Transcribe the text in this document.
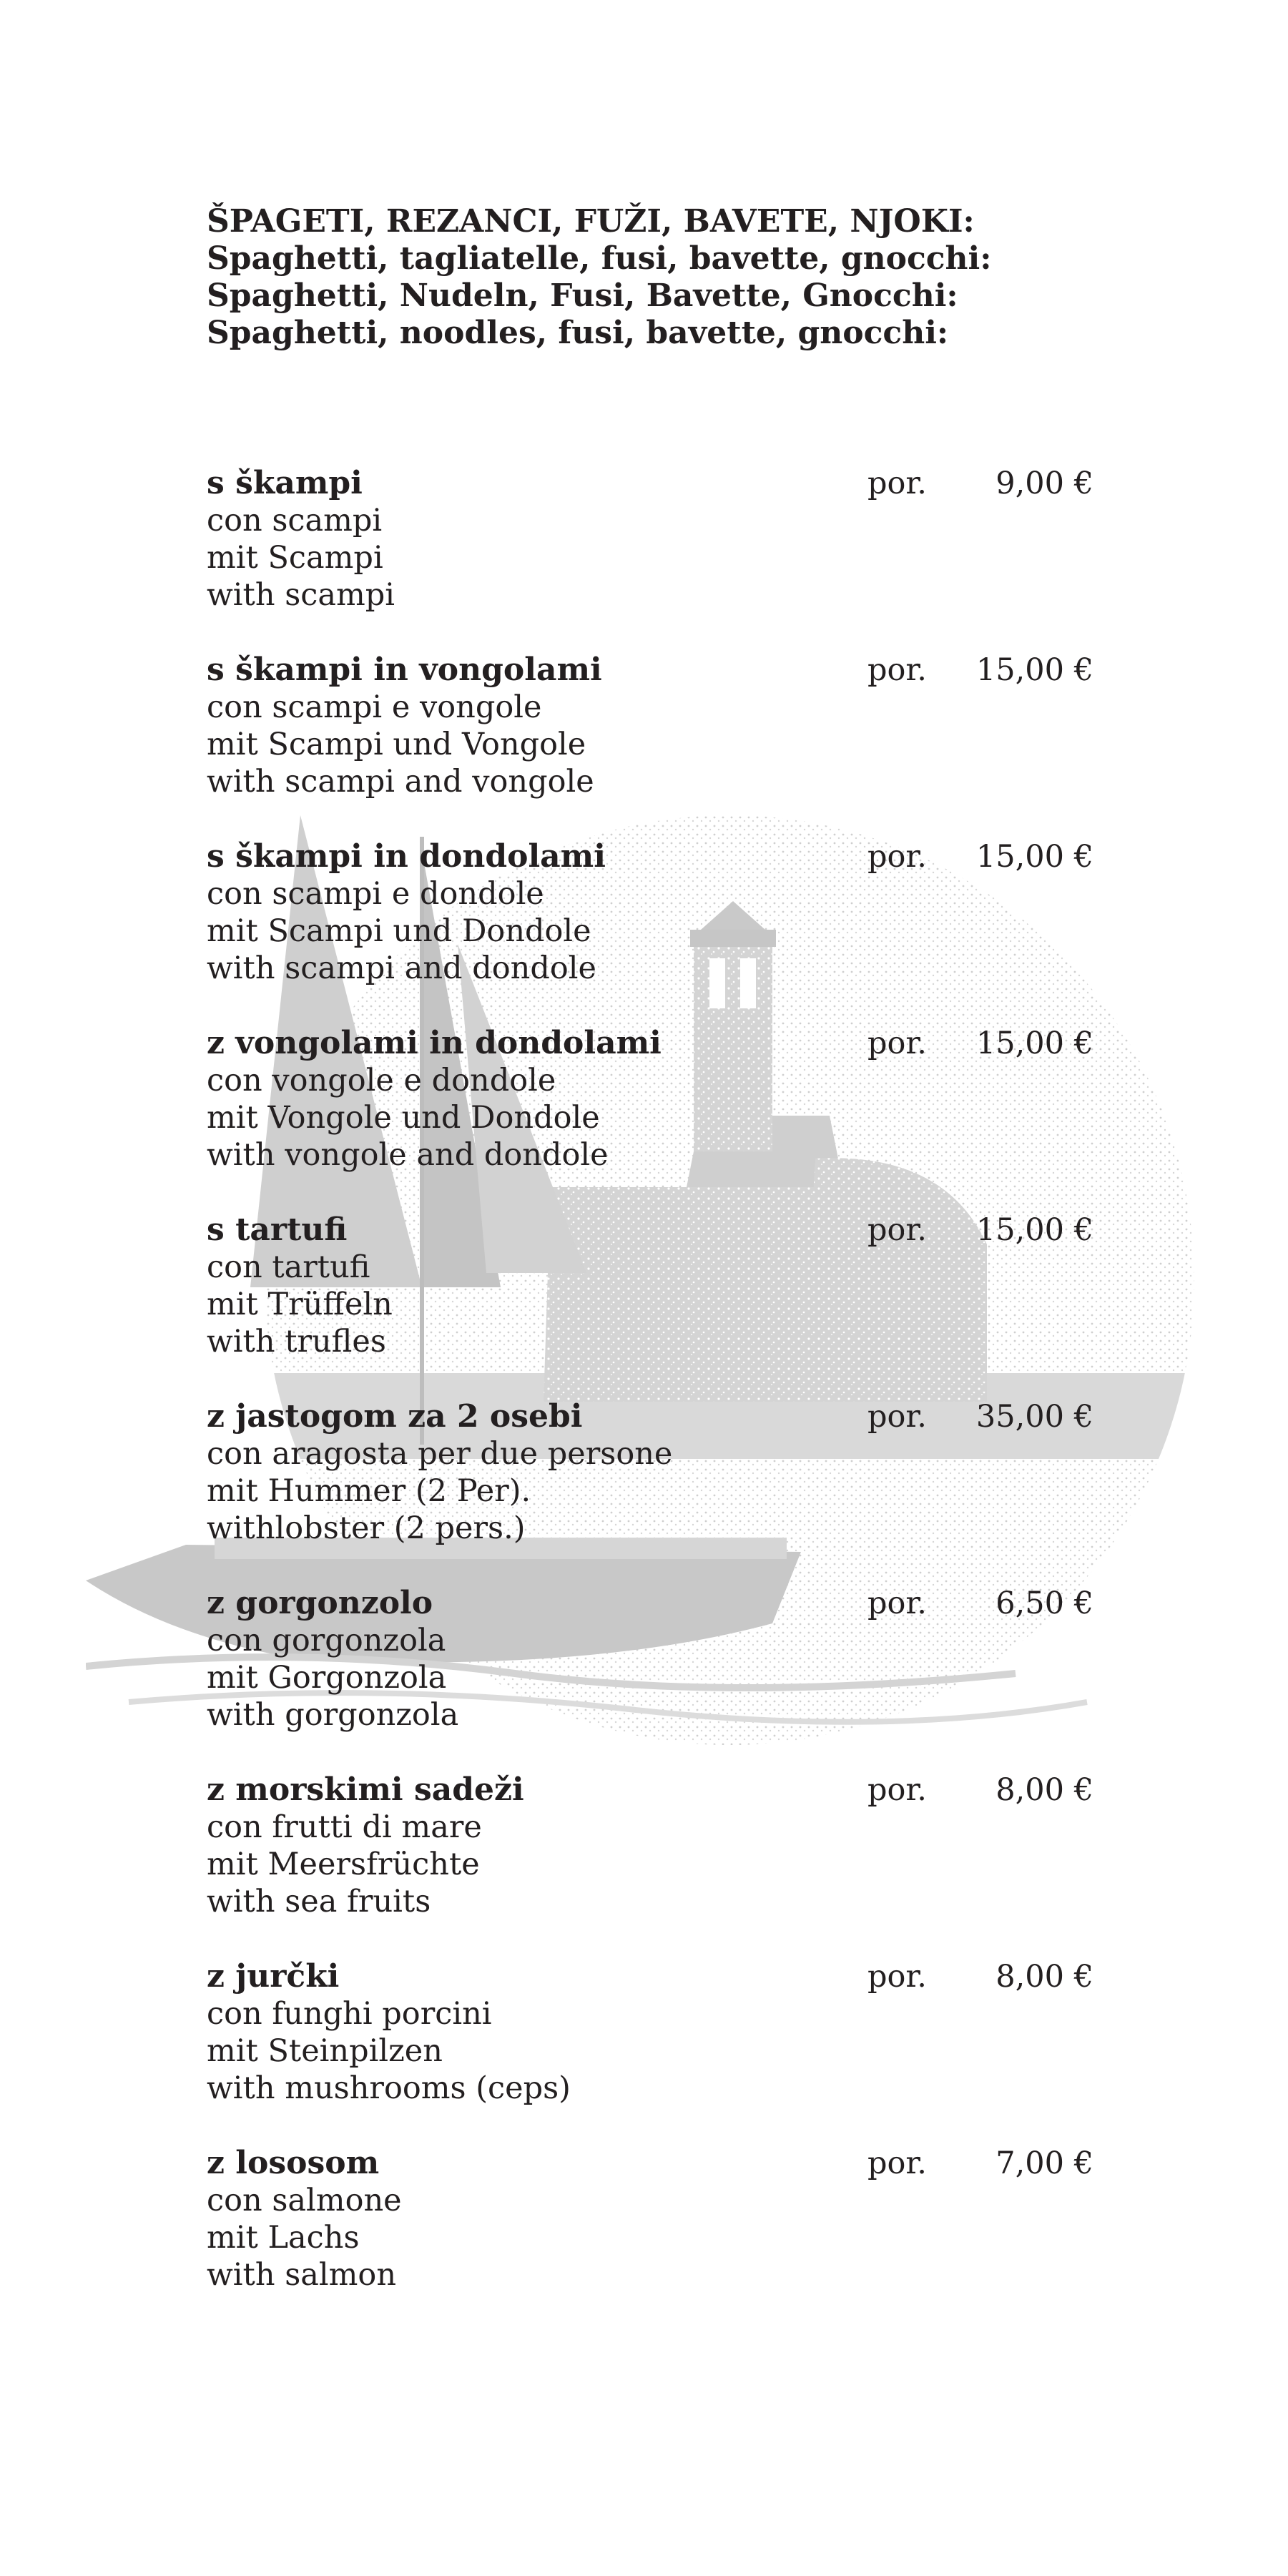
ŠPAGETI, REZANCI, FUŽI, BAVETE, NJOKI:
Spaghetti, tagliatelle, fusi, bavette, gnocchi:
Spaghetti, Nudeln, Fusi, Bavette, Gnocchi:
Spaghetti, noodles, fusi, bavette, gnocchi:
s škampi
con scampi
mit Scampi
with scampi
por. 9,00 €
s škampi in vongolami
con scampi e vongole
mit Scampi und Vongole
with scampi and vongole
por. 15,00 €
s škampi in dondolami
con scampi e dondole
mit Scampi und Dondole
with scampi and dondole
por. 15,00 €
z vongolami in dondolami
con vongole e dondole
mit Vongole und Dondole
with vongole and dondole
por. 15,00 €
s tartufi
con tartufi
mit Trüffeln
with trufles
por. 15,00 €
z jastogom za 2 osebi
con aragosta per due persone
mit Hummer (2 Per).
withlobster (2 pers.)
por. 35,00 €
z gorgonzolo
con gorgonzola
mit Gorgonzola
with gorgonzola
por. 6,50 €
z morskimi sadeži
con frutti di mare
mit Meersfrüchte
with sea fruits
por. 8,00 €
z jurčki
con funghi porcini
mit Steinpilzen
with mushrooms (ceps)
por. 8,00 €
z lososom
con salmone
mit Lachs
with salmon
por. 7,00 €
